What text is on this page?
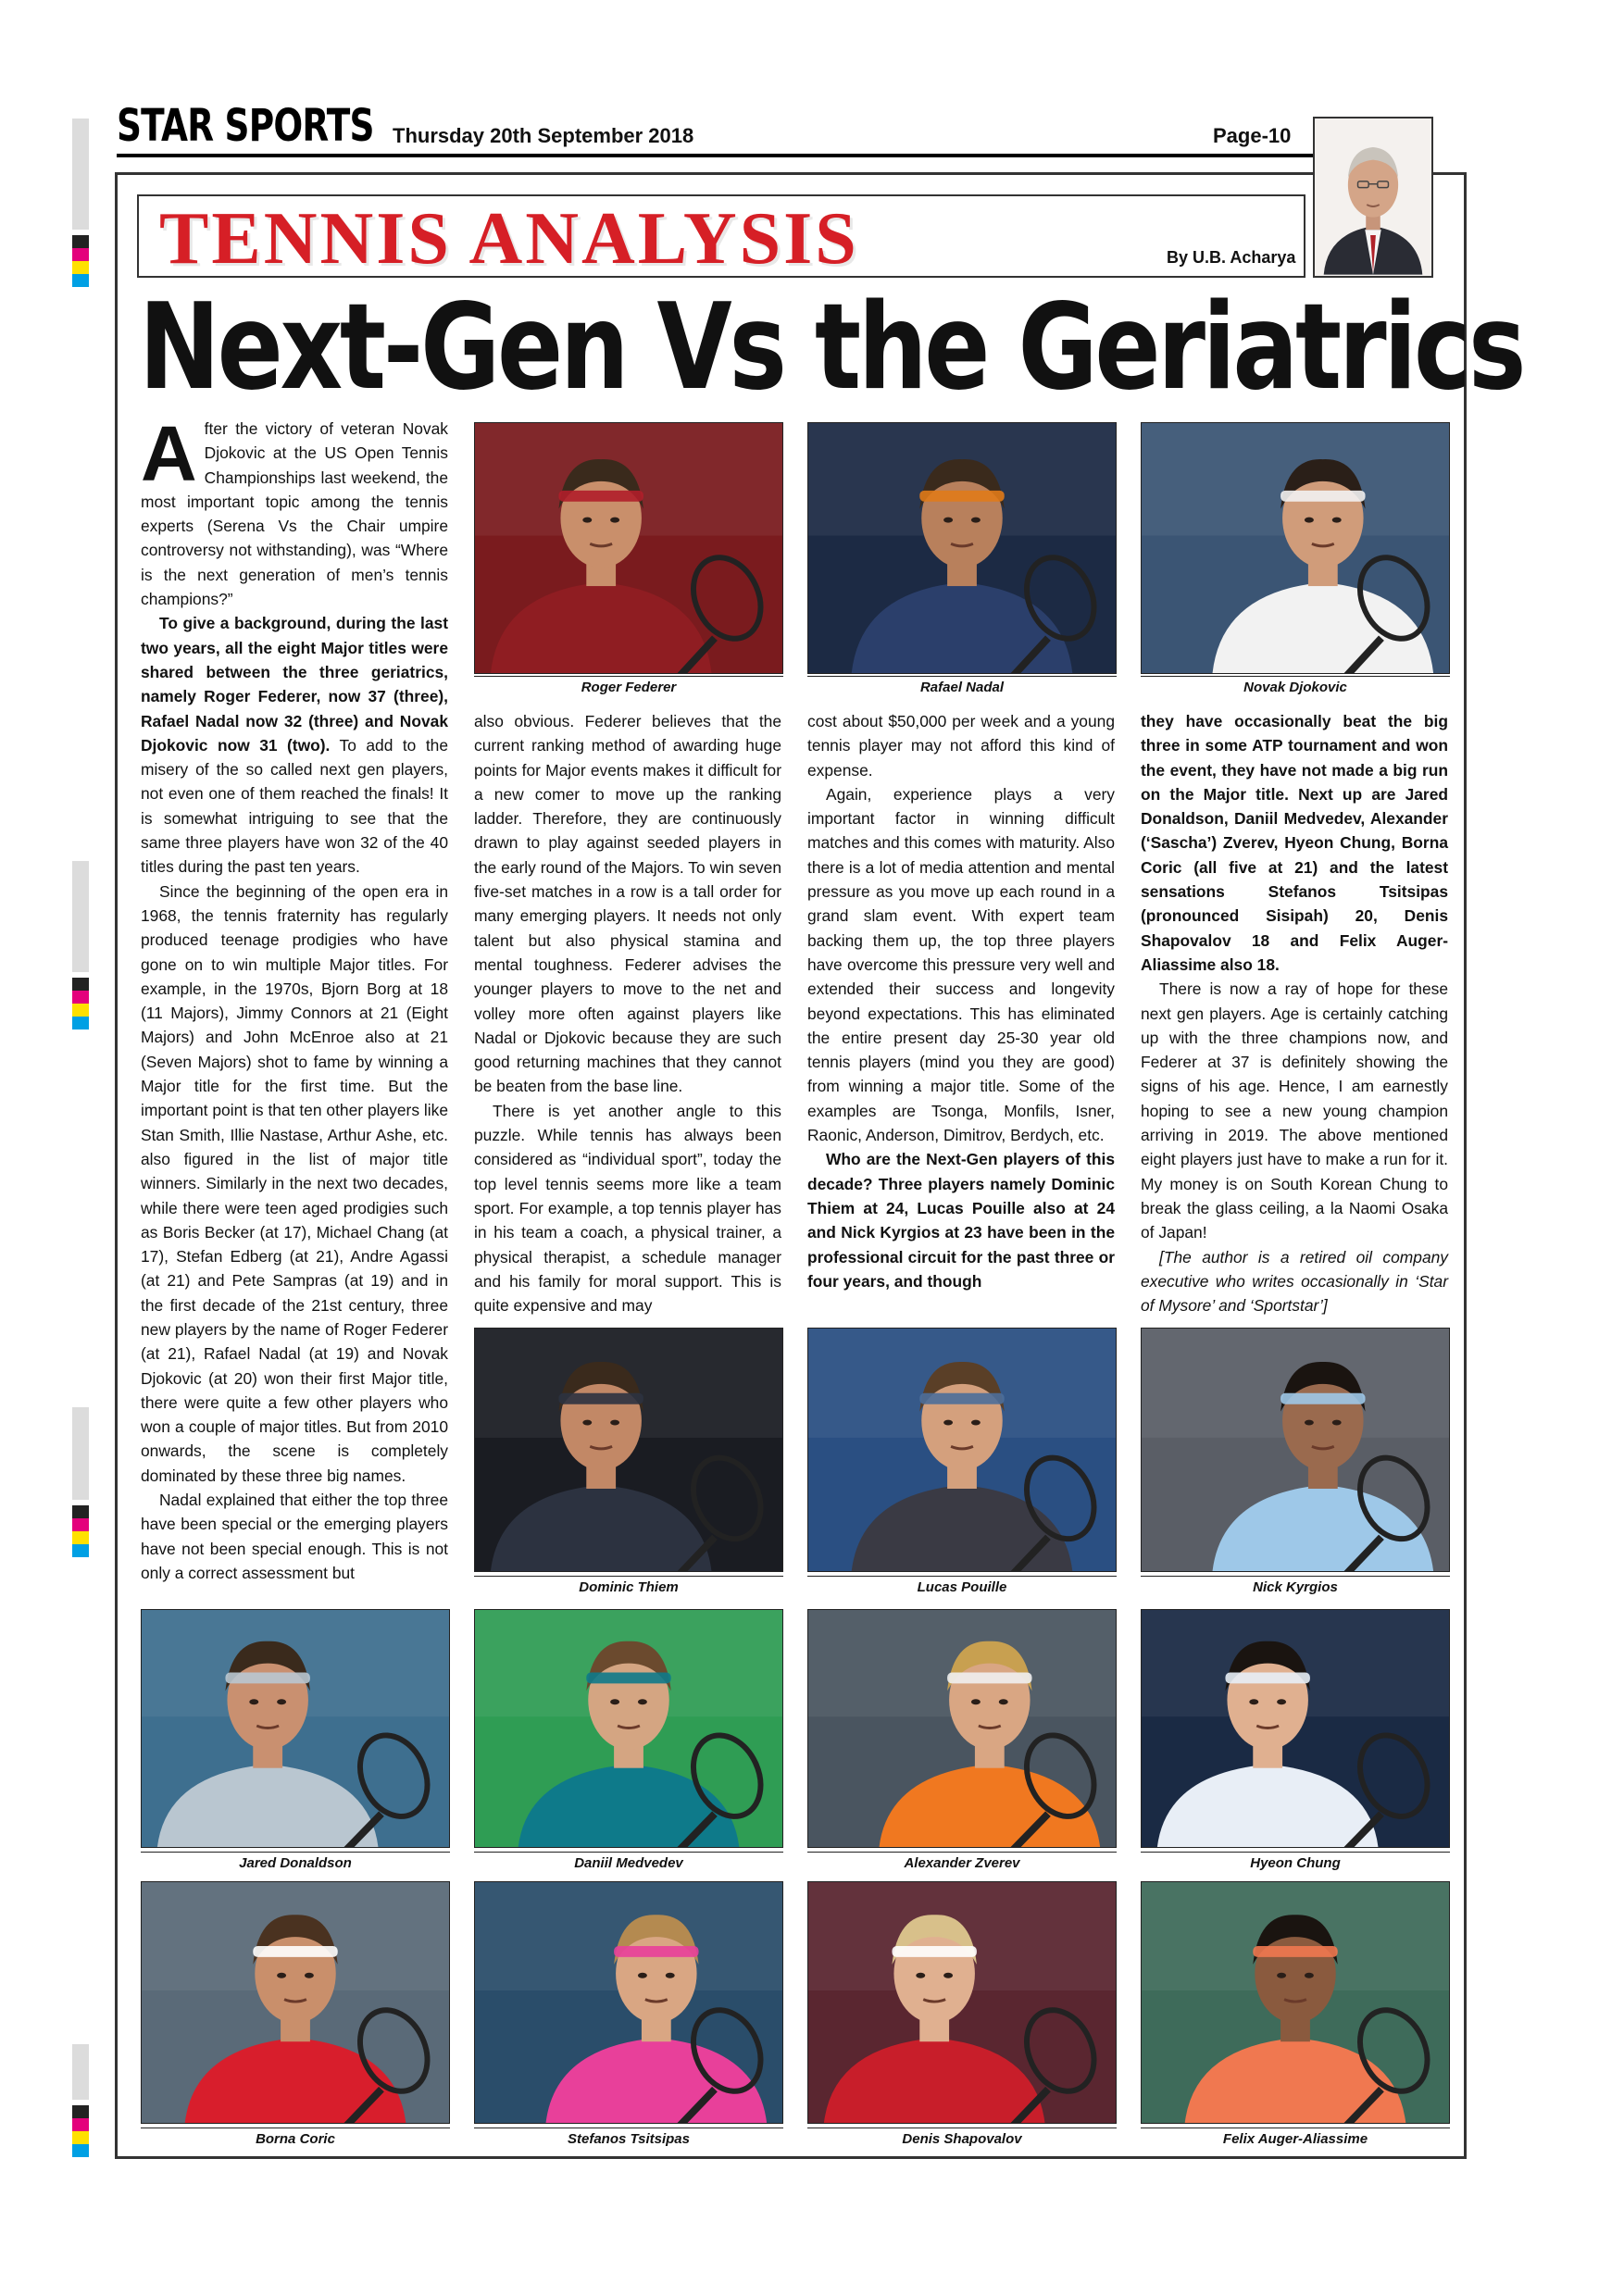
STAR SPORTS Thursday 20th September 2018	Page-10
TENNIS ANALYSIS	By U.B. Acharya
Next-Gen Vs the Geriatrics

After the victory of veteran Novak Djokovic at the US Open Tennis Championships last weekend, the most important topic among the tennis experts (Serena Vs the Chair umpire controversy not withstanding), was “Where is the next generation of men’s tennis champions?”

To give a background, during the last two years, all the eight Major titles were shared between the three geriatrics, namely Roger Federer, now 37 (three), Rafael Nadal now 32 (three) and Novak Djokovic now 31 (two). To add to the misery of the so called next gen players, not even one of them reached the finals! It is somewhat intriguing to see that the same three players have won 32 of the 40 titles during the past ten years.

Since the beginning of the open era in 1968, the tennis fraternity has regularly produced teenage prodigies who have gone on to win multiple Major titles. For example, in the 1970s, Bjorn Borg at 18 (11 Majors), Jimmy Connors at 21 (Eight Majors) and John McEnroe also at 21 (Seven Majors) shot to fame by winning a Major title for the first time. But the important point is that ten other players like Stan Smith, Illie Nastase, Arthur Ashe, etc. also figured in the list of major title winners. Similarly in the next two decades, while there were teen aged prodigies such as Boris Becker (at 17), Michael Chang (at 17), Stefan Edberg (at 21), Andre Agassi (at 21) and Pete Sampras (at 19) and in the first decade of the 21st century, three new players by the name of Roger Federer (at 21), Rafael Nadal (at 19) and Novak Djokovic (at 20) won their first Major title, there were quite a few other players who won a couple of major titles. But from 2010 onwards, the scene is completely dominated by these three big names.

Nadal explained that either the top three have been special or the emerging players have not been special enough. This is not only a correct assessment but

also obvious. Federer believes that the current ranking method of awarding huge points for Major events makes it difficult for a new comer to move up the ranking ladder. Therefore, they are continuously drawn to play against seeded players in the early round of the Majors. To win seven five-set matches in a row is a tall order for many emerging players. It needs not only talent but also physical stamina and mental toughness. Federer advises the younger players to move to the net and volley more often against players like Nadal or Djokovic because they are such good returning machines that they cannot be beaten from the base line.

There is yet another angle to this puzzle. While tennis has always been considered as “individual sport”, today the top level tennis seems more like a team sport. For example, a top tennis player has in his team a coach, a physical trainer, a physical therapist, a schedule manager and his family for moral support. This is quite expensive and may

cost about $50,000 per week and a young tennis player may not afford this kind of expense.

Again, experience plays a very important factor in winning difficult matches and this comes with maturity. Also there is a lot of media attention and mental pressure as you move up each round in a grand slam event. With expert team backing them up, the top three players have overcome this pressure very well and extended their success and longevity beyond expectations. This has eliminated the entire present day 25-30 year old tennis players (mind you they are good) from winning a major title. Some of the examples are Tsonga, Monfils, Isner, Raonic, Anderson, Dimitrov, Berdych, etc.

Who are the Next-Gen players of this decade? Three players namely Dominic Thiem at 24, Lucas Pouille also at 24 and Nick Kyrgios at 23 have been in the professional circuit for the past three or four years, and though

they have occasionally beat the big three in some ATP tournament and won the event, they have not made a big run on the Major title. Next up are Jared Donaldson, Daniil Medvedev, Alexander (‘Sascha’) Zverev, Hyeon Chung, Borna Coric (all five at 21) and the latest sensations Stefanos Tsitsipas (pronounced Sisipah) 20, Denis Shapovalov 18 and Felix Auger-Aliassime also 18.

There is now a ray of hope for these next gen players. Age is certainly catching up with the three champions now, and Federer at 37 is definitely showing the signs of his age. Hence, I am earnestly hoping to see a new young champion arriving in 2019. The above mentioned eight players just have to make a run for it. My money is on South Korean Chung to break the glass ceiling, a la Naomi Osaka of Japan!

[The author is a retired oil company executive who writes occasionally in ‘Star of Mysore’ and ‘Sportstar’]

Roger Federer	Rafael Nadal	Novak Djokovic
Dominic Thiem	Lucas Pouille	Nick Kyrgios
Jared Donaldson	Daniil Medvedev	Alexander Zverev	Hyeon Chung
Borna Coric	Stefanos Tsitsipas	Denis Shapovalov	Felix Auger-Aliassime
